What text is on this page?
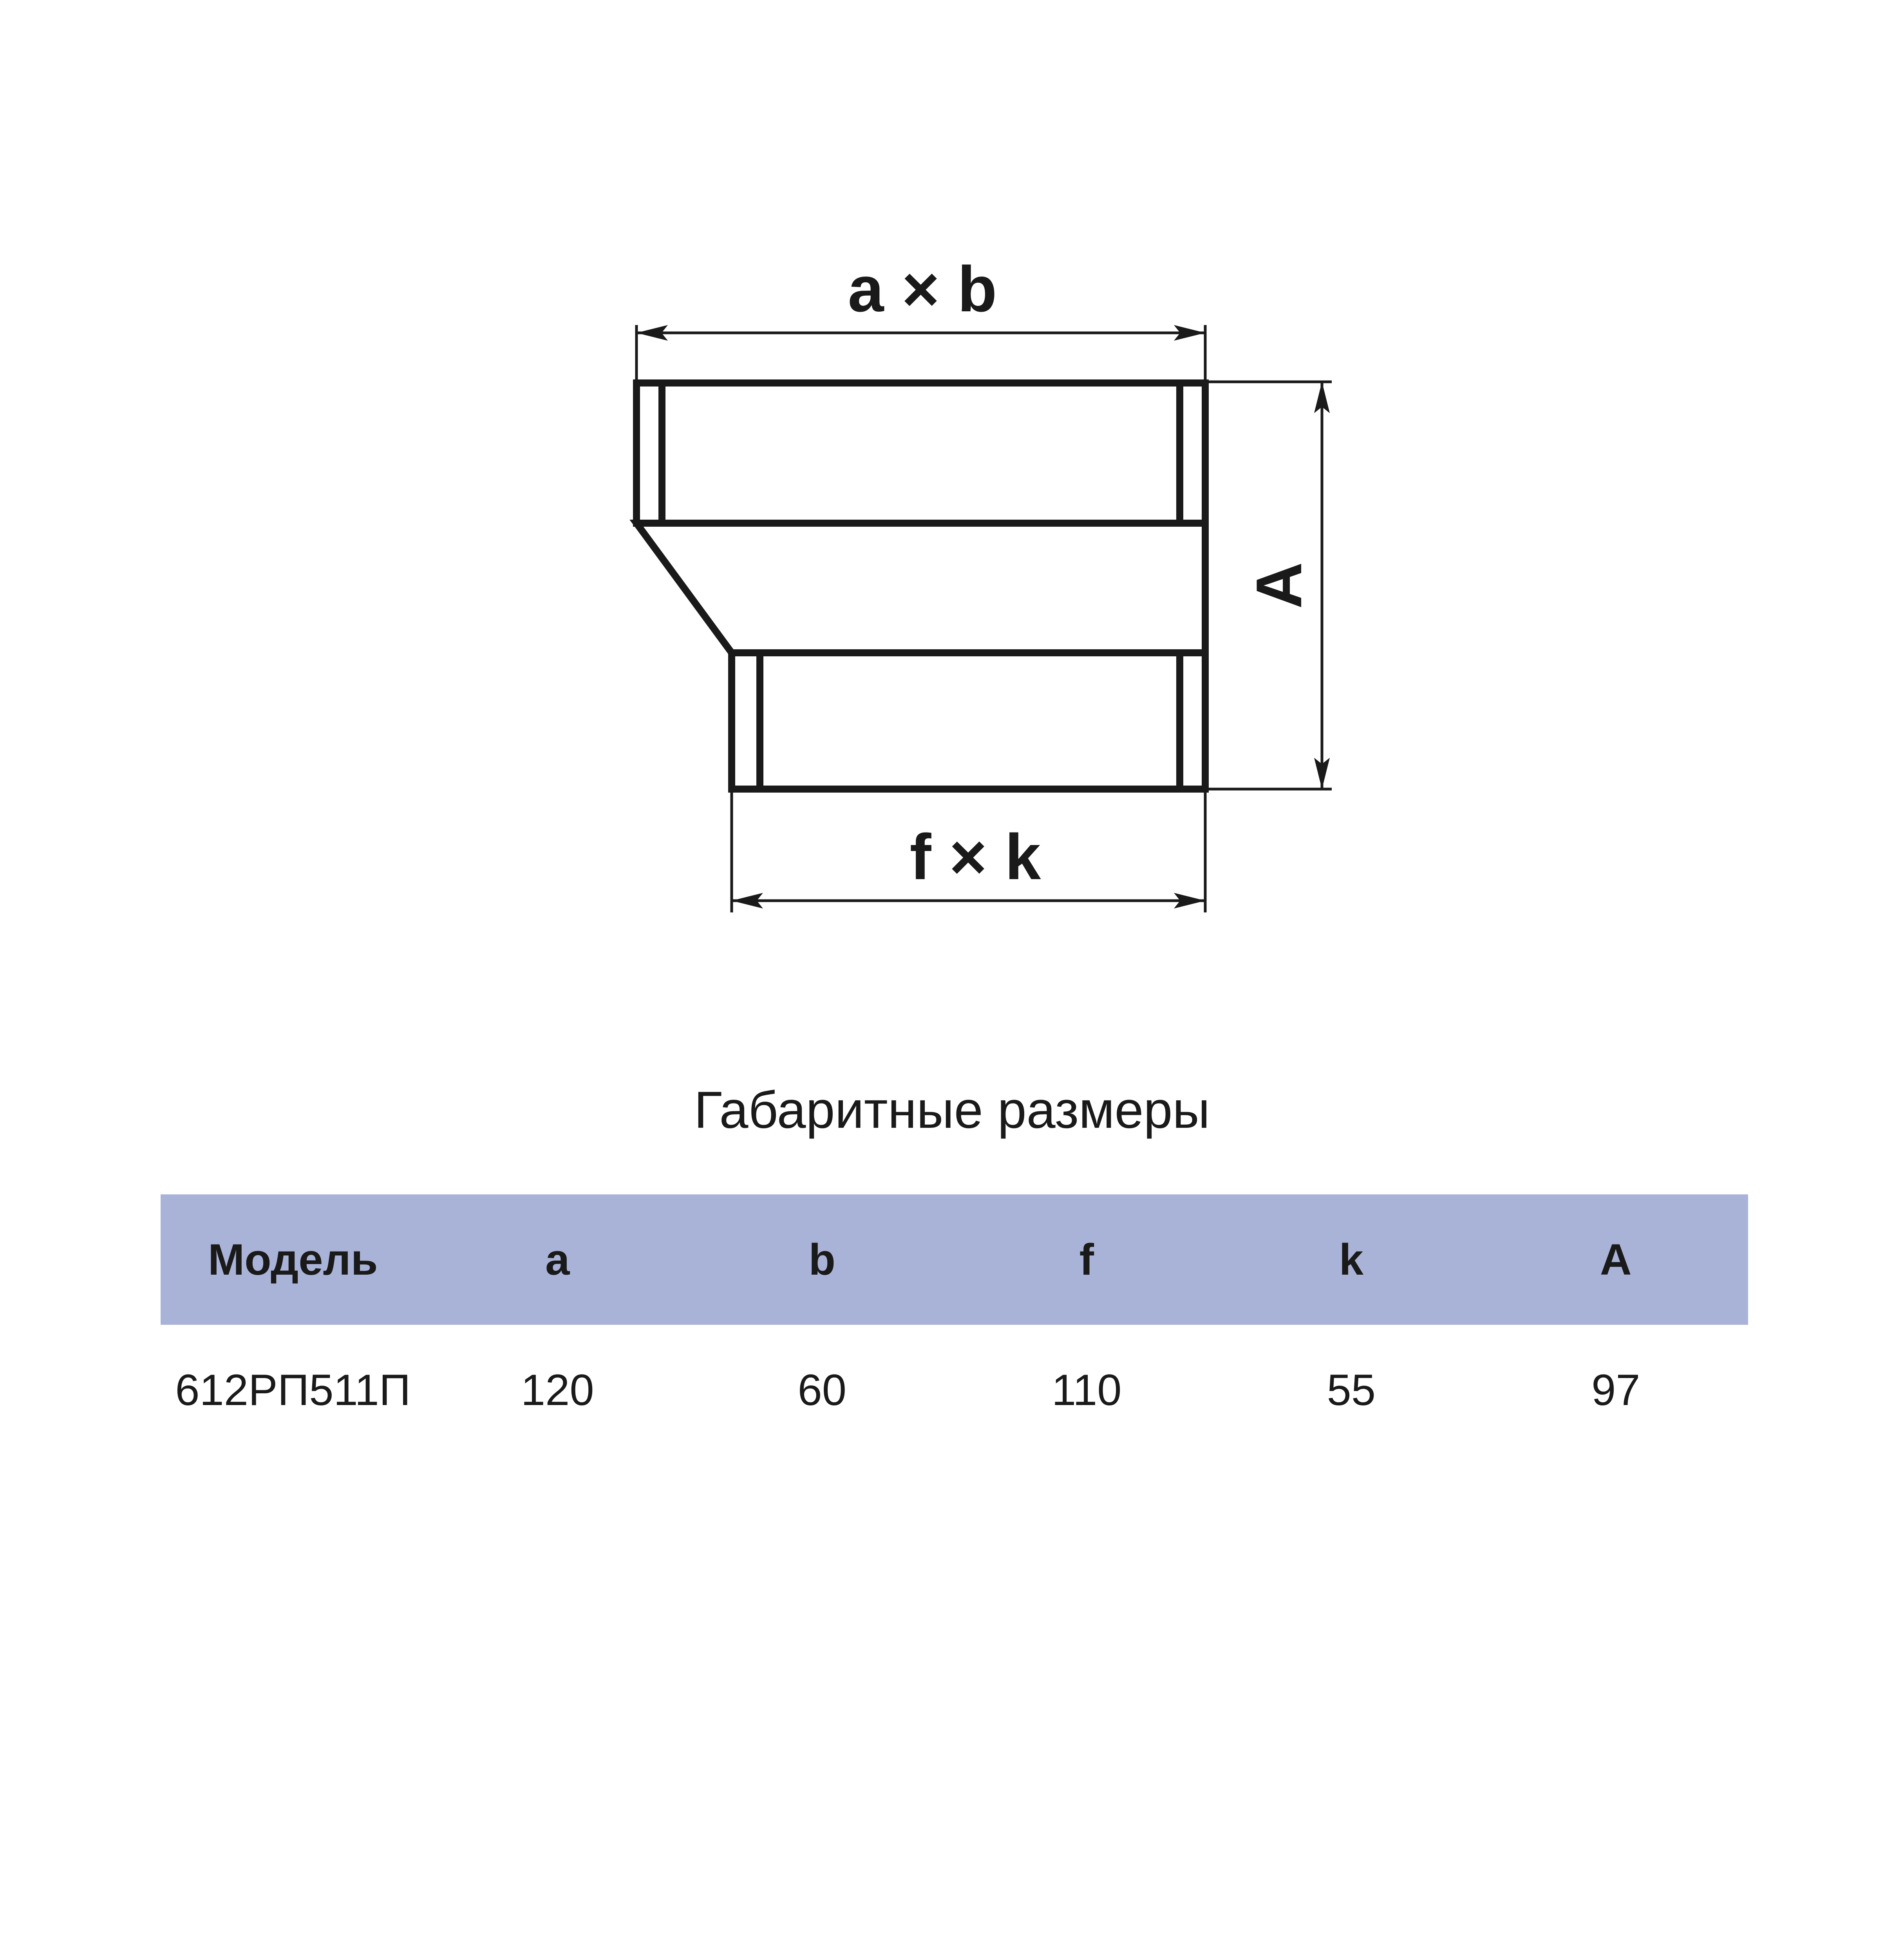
a × b
f × k
A
Габаритные размеры
Модель	a	b	f	k	A
612РП511П	120	60	110	55	97
